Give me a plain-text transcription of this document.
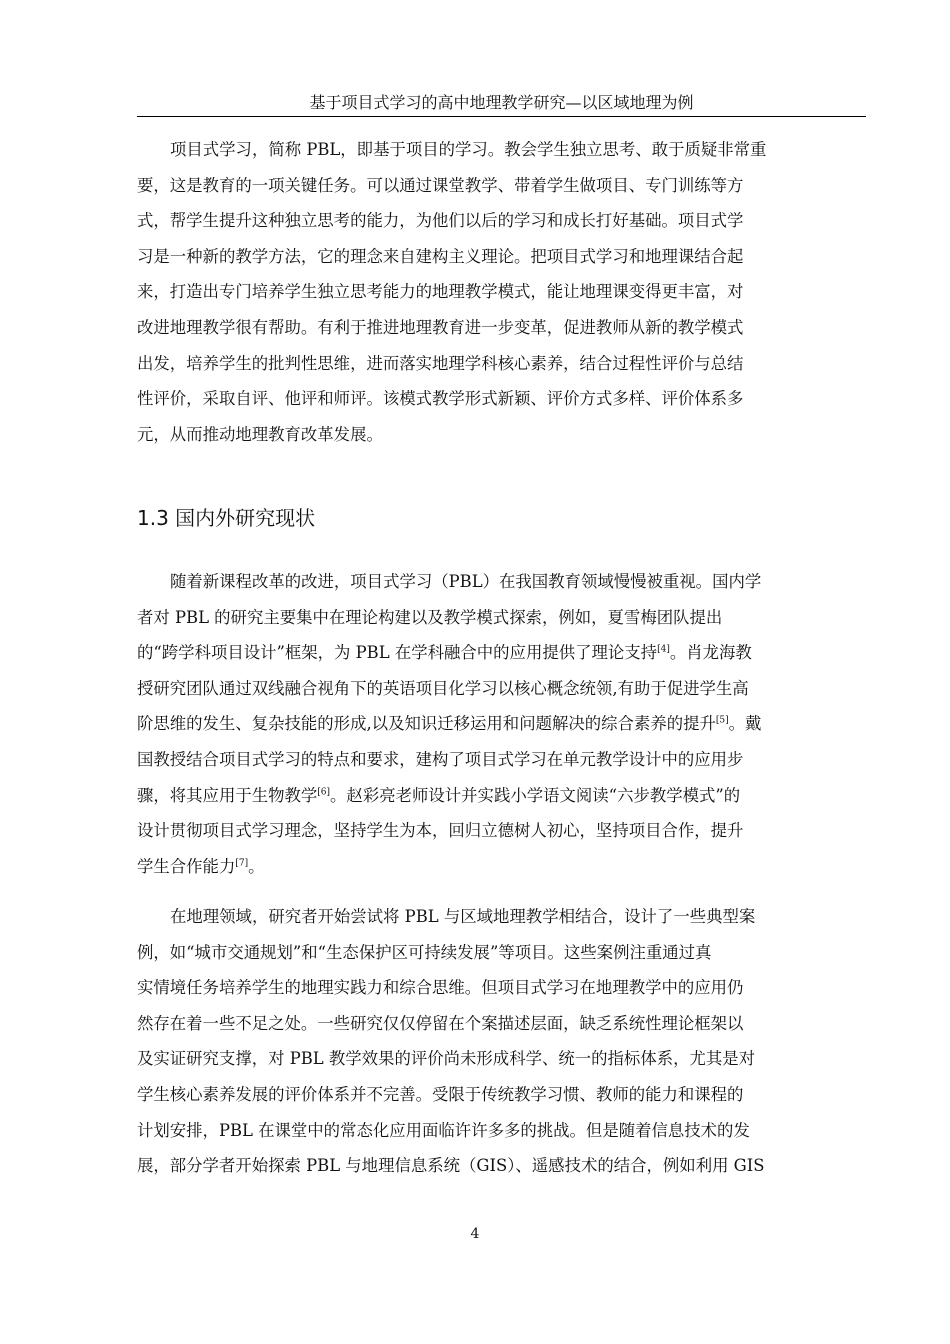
基于项目式学习的高中地理教学研究—以区域地理为例
项目式学习，简称 PBL，即基于项目的学习。教会学生独立思考、敢于质疑非常重
要，这是教育的一项关键任务。可以通过课堂教学、带着学生做项目、专门训练等方
式，帮学生提升这种独立思考的能力，为他们以后的学习和成长打好基础。项目式学
习是一种新的教学方法，它的理念来自建构主义理论。把项目式学习和地理课结合起
来，打造出专门培养学生独立思考能力的地理教学模式，能让地理课变得更丰富，对
改进地理教学很有帮助。有利于推进地理教育进一步变革，促进教师从新的教学模式
出发，培养学生的批判性思维，进而落实地理学科核心素养，结合过程性评价与总结
性评价，采取自评、他评和师评。该模式教学形式新颖、评价方式多样、评价体系多
元，从而推动地理教育改革发展。
1.3 国内外研究现状
随着新课程改革的改进，项目式学习（PBL）在我国教育领域慢慢被重视。国内学
者对 PBL 的研究主要集中在理论构建以及教学模式探索，例如，夏雪梅团队提出
的“跨学科项目设计”框架，为 PBL 在学科融合中的应用提供了理论支持[4]。肖龙海教
授研究团队通过双线融合视角下的英语项目化学习以核心概念统领,有助于促进学生高
阶思维的发生、复杂技能的形成,以及知识迁移运用和问题解决的综合素养的提升[5]。戴
国教授结合项目式学习的特点和要求，建构了项目式学习在单元教学设计中的应用步
骤，将其应用于生物教学[6]。赵彩亮老师设计并实践小学语文阅读“六步教学模式”的
设计贯彻项目式学习理念，坚持学生为本，回归立德树人初心，坚持项目合作，提升
学生合作能力[7]。
在地理领域，研究者开始尝试将 PBL 与区域地理教学相结合，设计了一些典型案
例，如“城市交通规划”和“生态保护区可持续发展”等项目。这些案例注重通过真
实情境任务培养学生的地理实践力和综合思维。但项目式学习在地理教学中的应用仍
然存在着一些不足之处。一些研究仅仅停留在个案描述层面，缺乏系统性理论框架以
及实证研究支撑，对 PBL 教学效果的评价尚未形成科学、统一的指标体系，尤其是对
学生核心素养发展的评价体系并不完善。受限于传统教学习惯、教师的能力和课程的
计划安排，PBL 在课堂中的常态化应用面临许许多多的挑战。但是随着信息技术的发
展，部分学者开始探索 PBL 与地理信息系统（GIS）、遥感技术的结合，例如利用 GIS
4
